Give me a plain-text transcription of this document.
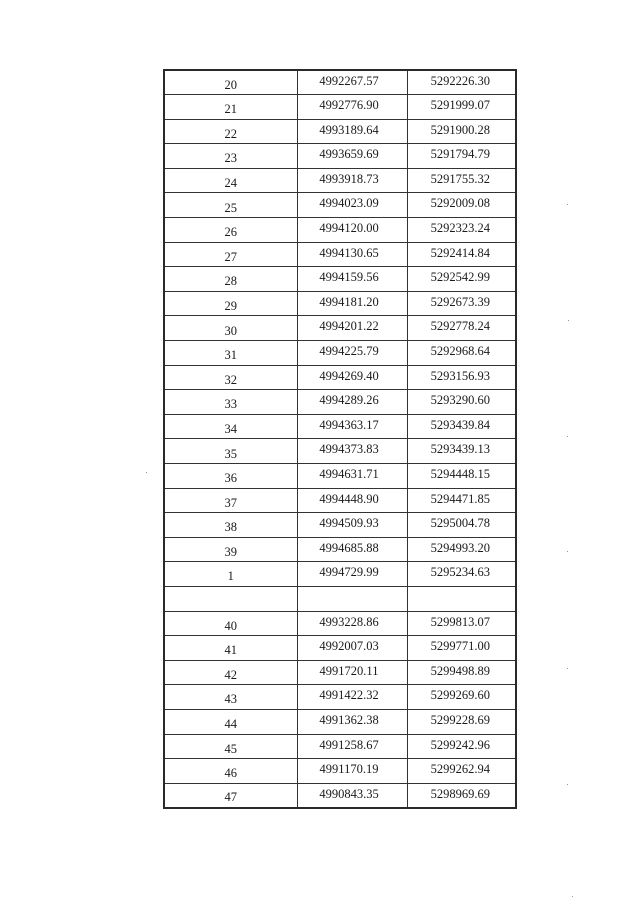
20	4992267.57	5292226.30
21	4992776.90	5291999.07
22	4993189.64	5291900.28
23	4993659.69	5291794.79
24	4993918.73	5291755.32
25	4994023.09	5292009.08
26	4994120.00	5292323.24
27	4994130.65	5292414.84
28	4994159.56	5292542.99
29	4994181.20	5292673.39
30	4994201.22	5292778.24
31	4994225.79	5292968.64
32	4994269.40	5293156.93
33	4994289.26	5293290.60
34	4994363.17	5293439.84
35	4994373.83	5293439.13
36	4994631.71	5294448.15
37	4994448.90	5294471.85
38	4994509.93	5295004.78
39	4994685.88	5294993.20
1	4994729.99	5295234.63

40	4993228.86	5299813.07
41	4992007.03	5299771.00
42	4991720.11	5299498.89
43	4991422.32	5299269.60
44	4991362.38	5299228.69
45	4991258.67	5299242.96
46	4991170.19	5299262.94
47	4990843.35	5298969.69
